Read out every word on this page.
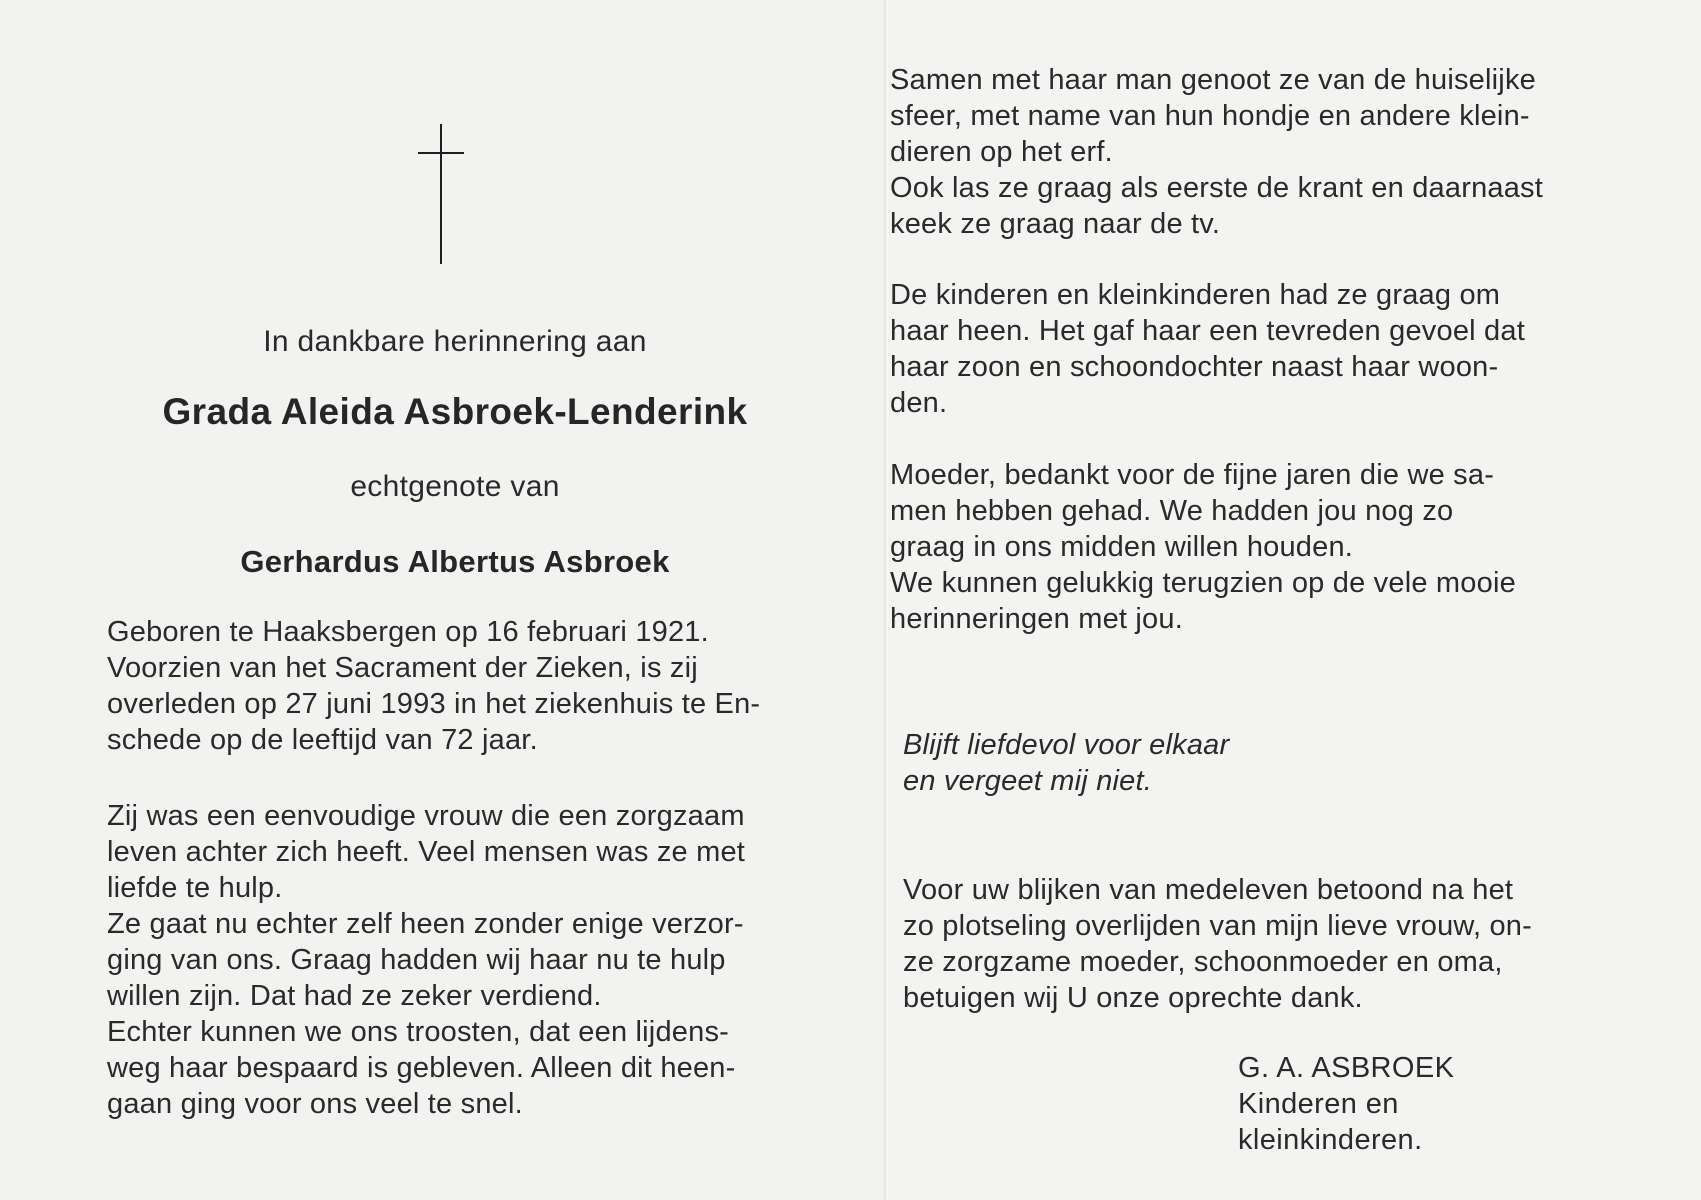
In dankbare herinnering aan
Grada Aleida Asbroek-Lenderink
echtgenote van
Gerhardus Albertus Asbroek

Geboren te Haaksbergen op 16 februari 1921.

Voorzien van het Sacrament der Zieken, is zij

overleden op 27 juni 1993 in het ziekenhuis te En-

schede op de leeftijd van 72 jaar.

Zij was een eenvoudige vrouw die een zorgzaam

leven achter zich heeft. Veel mensen was ze met

liefde te hulp.

Ze gaat nu echter zelf heen zonder enige verzor-

ging van ons. Graag hadden wij haar nu te hulp

willen zijn. Dat had ze zeker verdiend.

Echter kunnen we ons troosten, dat een lijdens-

weg haar bespaard is gebleven. Alleen dit heen-

gaan ging voor ons veel te snel.

Samen met haar man genoot ze van de huiselijke

sfeer, met name van hun hondje en andere klein-

dieren op het erf.

Ook las ze graag als eerste de krant en daarnaast

keek ze graag naar de tv.

De kinderen en kleinkinderen had ze graag om

haar heen. Het gaf haar een tevreden gevoel dat

haar zoon en schoondochter naast haar woon-

den.

Moeder, bedankt voor de fijne jaren die we sa-

men hebben gehad. We hadden jou nog zo

graag in ons midden willen houden.

We kunnen gelukkig terugzien op de vele mooie

herinneringen met jou.

Blijft liefdevol voor elkaar
en vergeet mij niet.

Voor uw blijken van medeleven betoond na het

zo plotseling overlijden van mijn lieve vrouw, on-

ze zorgzame moeder, schoonmoeder en oma,

betuigen wij U onze oprechte dank.

G. A. ASBROEK

Kinderen en

kleinkinderen.
